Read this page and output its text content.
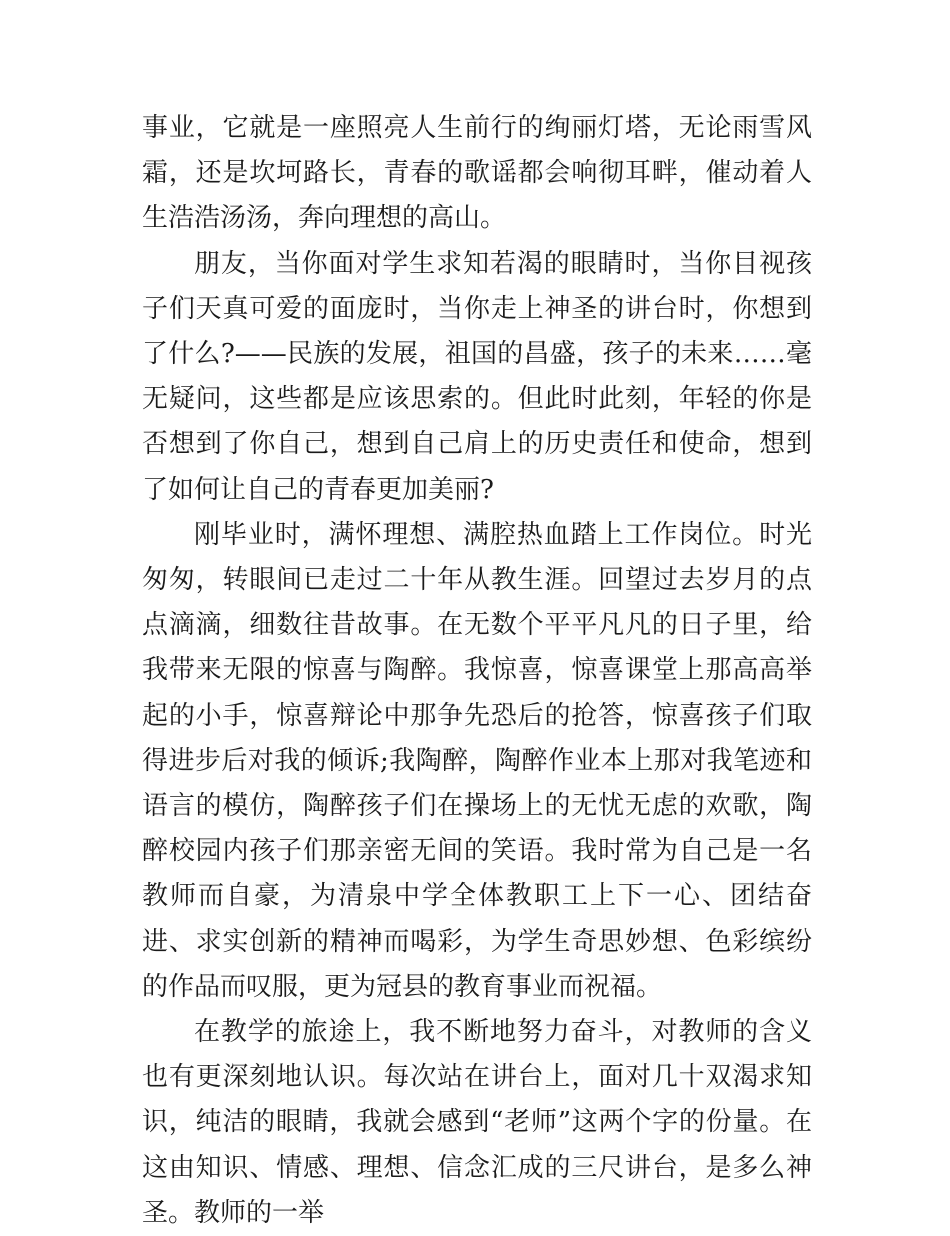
事业，它就是一座照亮人生前行的绚丽灯塔，无论雨雪风霜，还是坎坷路长，青春的歌谣都会响彻耳畔，催动着人生浩浩汤汤，奔向理想的高山。

朋友，当你面对学生求知若渴的眼睛时，当你目视孩子们天真可爱的面庞时，当你走上神圣的讲台时，你想到了什么?——民族的发展，祖国的昌盛，孩子的未来……毫无疑问，这些都是应该思索的。但此时此刻，年轻的你是否想到了你自己，想到自己肩上的历史责任和使命，想到了如何让自己的青春更加美丽?

刚毕业时，满怀理想、满腔热血踏上工作岗位。时光匆匆，转眼间已走过二十年从教生涯。回望过去岁月的点点滴滴，细数往昔故事。在无数个平平凡凡的日子里，给我带来无限的惊喜与陶醉。我惊喜，惊喜课堂上那高高举起的小手，惊喜辩论中那争先恐后的抢答，惊喜孩子们取得进步后对我的倾诉;我陶醉，陶醉作业本上那对我笔迹和语言的模仿，陶醉孩子们在操场上的无忧无虑的欢歌，陶醉校园内孩子们那亲密无间的笑语。我时常为自己是一名教师而自豪，为清泉中学全体教职工上下一心、团结奋进、求实创新的精神而喝彩，为学生奇思妙想、色彩缤纷的作品而叹服，更为冠县的教育事业而祝福。

在教学的旅途上，我不断地努力奋斗，对教师的含义也有更深刻地认识。每次站在讲台上，面对几十双渴求知识，纯洁的眼睛，我就会感到“老师”这两个字的份量。在这由知识、情感、理想、信念汇成的三尺讲台，是多么神圣。教师的一举
